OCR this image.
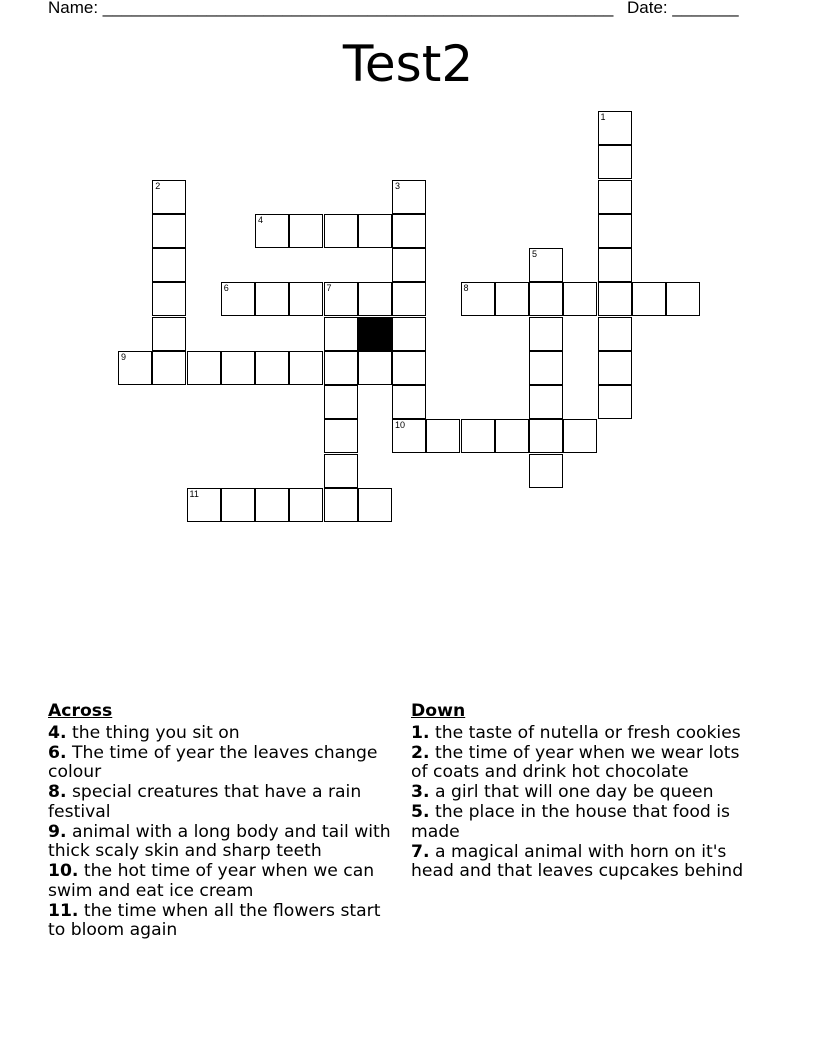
Name: ______________________________________________________ Date: _______
Test2
1
2	3
10
4
5
6	7	8
9
11
Across
4. the thing you sit on
6. The time of year the leaves change colour
8. special creatures that have a rain festival
9. animal with a long body and tail with thick scaly skin and sharp teeth
10. the hot time of year when we can swim and eat ice cream
11. the time when all the flowers start to bloom again
Down
1. the taste of nutella or fresh cookies
2. the time of year when we wear lots of coats and drink hot chocolate
3. a girl that will one day be queen
5. the place in the house that food is made
7. a magical animal with horn on it's head and that leaves cupcakes behind
